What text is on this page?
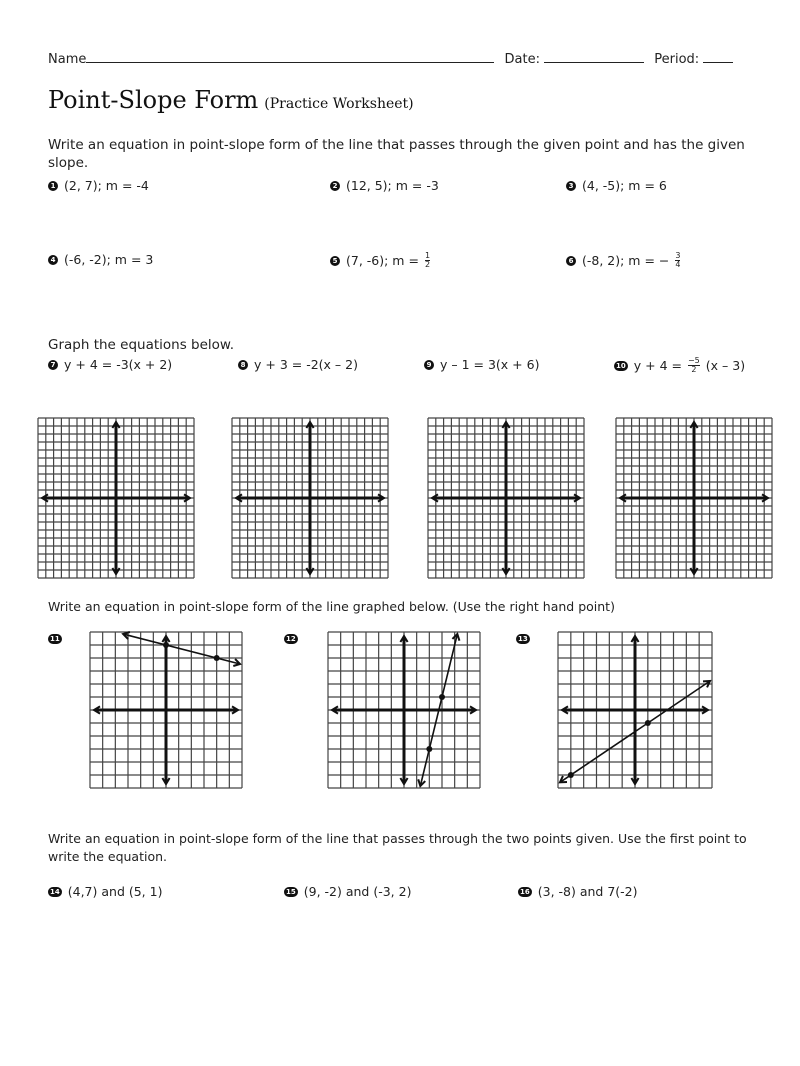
Name	Date:	Period:
Point-Slope Form (Practice Worksheet)
Write an equation in point-slope form of the line that passes through the given point and has the given slope.
1 (2, 7); m = -4	2 (12, 5); m = -3	3 (4, -5); m = 6
4 (-6, -2); m = 3	5 (7, -6); $m = \frac{1}{2}$	6 (-8, 2); m = − $\frac{3}{4}$
Graph the equations below.
7 y + 4 = -3(x + 2)	8 y + 3 = -2(x – 2)	9 y – 1 = 3(x + 6)	10 $y + 4 = \frac{-5}{2} (x - 3)$
Write an equation in point-slope form of the line graphed below. (Use the right hand point)
11	12	13
Write an equation in point-slope form of the line that passes through the two points given. Use the first point to write the equation.
14 (4,7) and (5, 1)	15 (9, -2) and (-3, 2)	16 (3, -8) and 7(-2)
